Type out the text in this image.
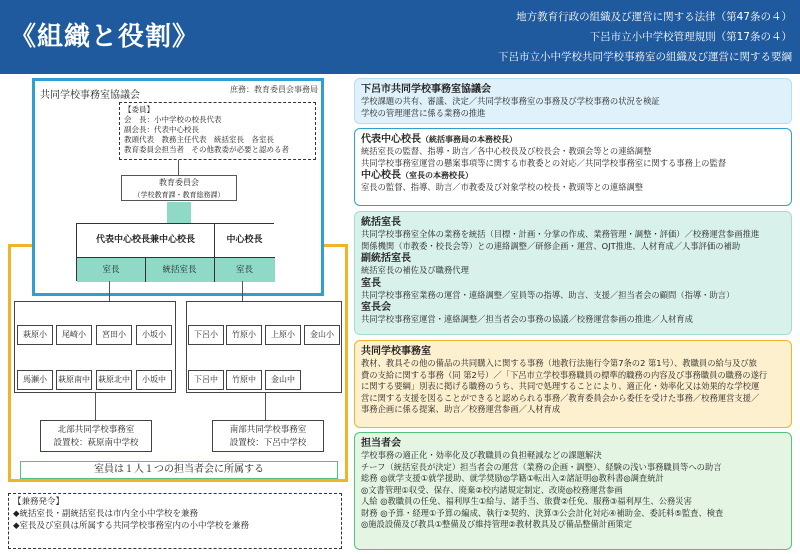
《組織と役割》
地方教育行政の組織及び運営に関する法律（第47条の４）
下呂市立小中学校管理規則（第17条の４）
下呂市立小中学校共同学校事務室の組織及び運営に関する要綱
共同学校事務室協議会
庶務：教育委員会事務局
【委員】
会　長：小中学校の校長代表
副会長：代表中心校長
教頭代表　教務主任代表　統括室長　各室長
教育委員会担当者　その他教委が必要と認める者
教育委員会
（学校教育課・教育総務課）
代表中心校長兼中心校長	中心校長
室長	統括室長	室長
萩原小	尾崎小	宮田小	小坂小
馬瀬小	萩原南中 萩原北中	小坂中
北部共同学校事務室
設置校：萩原南中学校
下呂小	竹原小	上原小	金山小
下呂中	竹原中	金山中
南部共同学校事務室
設置校：下呂中学校
室員は１人１つの担当者会に所属する
【兼務発令】
◆統括室長・副統括室長は市内全小中学校を兼務
◆室長及び室員は所属する共同学校事務室内の小中学校を兼務
下呂市共同学校事務室協議会
学校課題の共有、審議、決定／共同学校事務室の事務及び学校事務の状況を検証
学校の管理運営に係る業務の推進
代表中心校長（統括事務局の本務校長）
統括室長の監督、指導・助言／各中心校長及び校長会・教頭会等との連絡調整
共同学校事務室運営の懸案事項等に関する市教委との対応／共同学校事務室に関する事務上の監督
中心校長（室長の本務校長）
室長の監督、指導、助言／市教委及び対象学校の校長・教頭等との連絡調整
統括室長
共同学校事務室全体の業務を統括（目標・計画・分掌の作成、業務管理・調整・評価）／校務運営参画推進
関係機関（市教委・校長会等）との連絡調整／研修企画・運営、OJT推進、人材育成／人事評価の補助
副統括室長
統括室長の補佐及び職務代理
室長
共同学校事務室業務の運営・連絡調整／室員等の指導、助言、支援／担当者会の顧問（指導・助言）
室長会
共同学校事務室運営・連絡調整／担当者会の事務の協議／校務運営参画の推進／人材育成
共同学校事務室
教材、教具その他の備品の共同購入に関する事務（地教行法施行令第7条の2 第1号）、教職員の給与及び旅
費の支給に関する事務（同 第2号）／「下呂市立学校事務職員の標準的職務の内容及び事務職員の職務の遂行
に関する要綱」別表に掲げる職務のうち、共同で処理することにより、適正化・効率化又は効果的な学校運
営に関する支援を図ることができると認められる事務／教育委員会から委任を受けた事務／校務運営支援／
事務企画に係る提案、助言／校務運営参画／人材育成
担当者会
学校事務の適正化・効率化及び教職員の負担軽減などの課題解決
チーフ（統括室長が決定）担当者会の運営（業務の企画・調整）、経験の浅い事務職員等への助言
総務 ◎就学支援①就学援助、就学奨励◎学籍①転出入②諸証明◎教科書◎調査統計
◎文書管理①収受、保存、廃棄②校内諸規定制定、改廃◎校務運営参画
人給 ◎教職員の任免、福利厚生①給与、諸手当、旅費②任免、服務③福利厚生、公務災害
財務 ◎予算・経理①予算の編成、執行②契約、決算③公会計化対応④補助金、委託料⑤監査、検査
◎施設設備及び教具①整備及び維持管理②教材教具及び備品整備計画策定
